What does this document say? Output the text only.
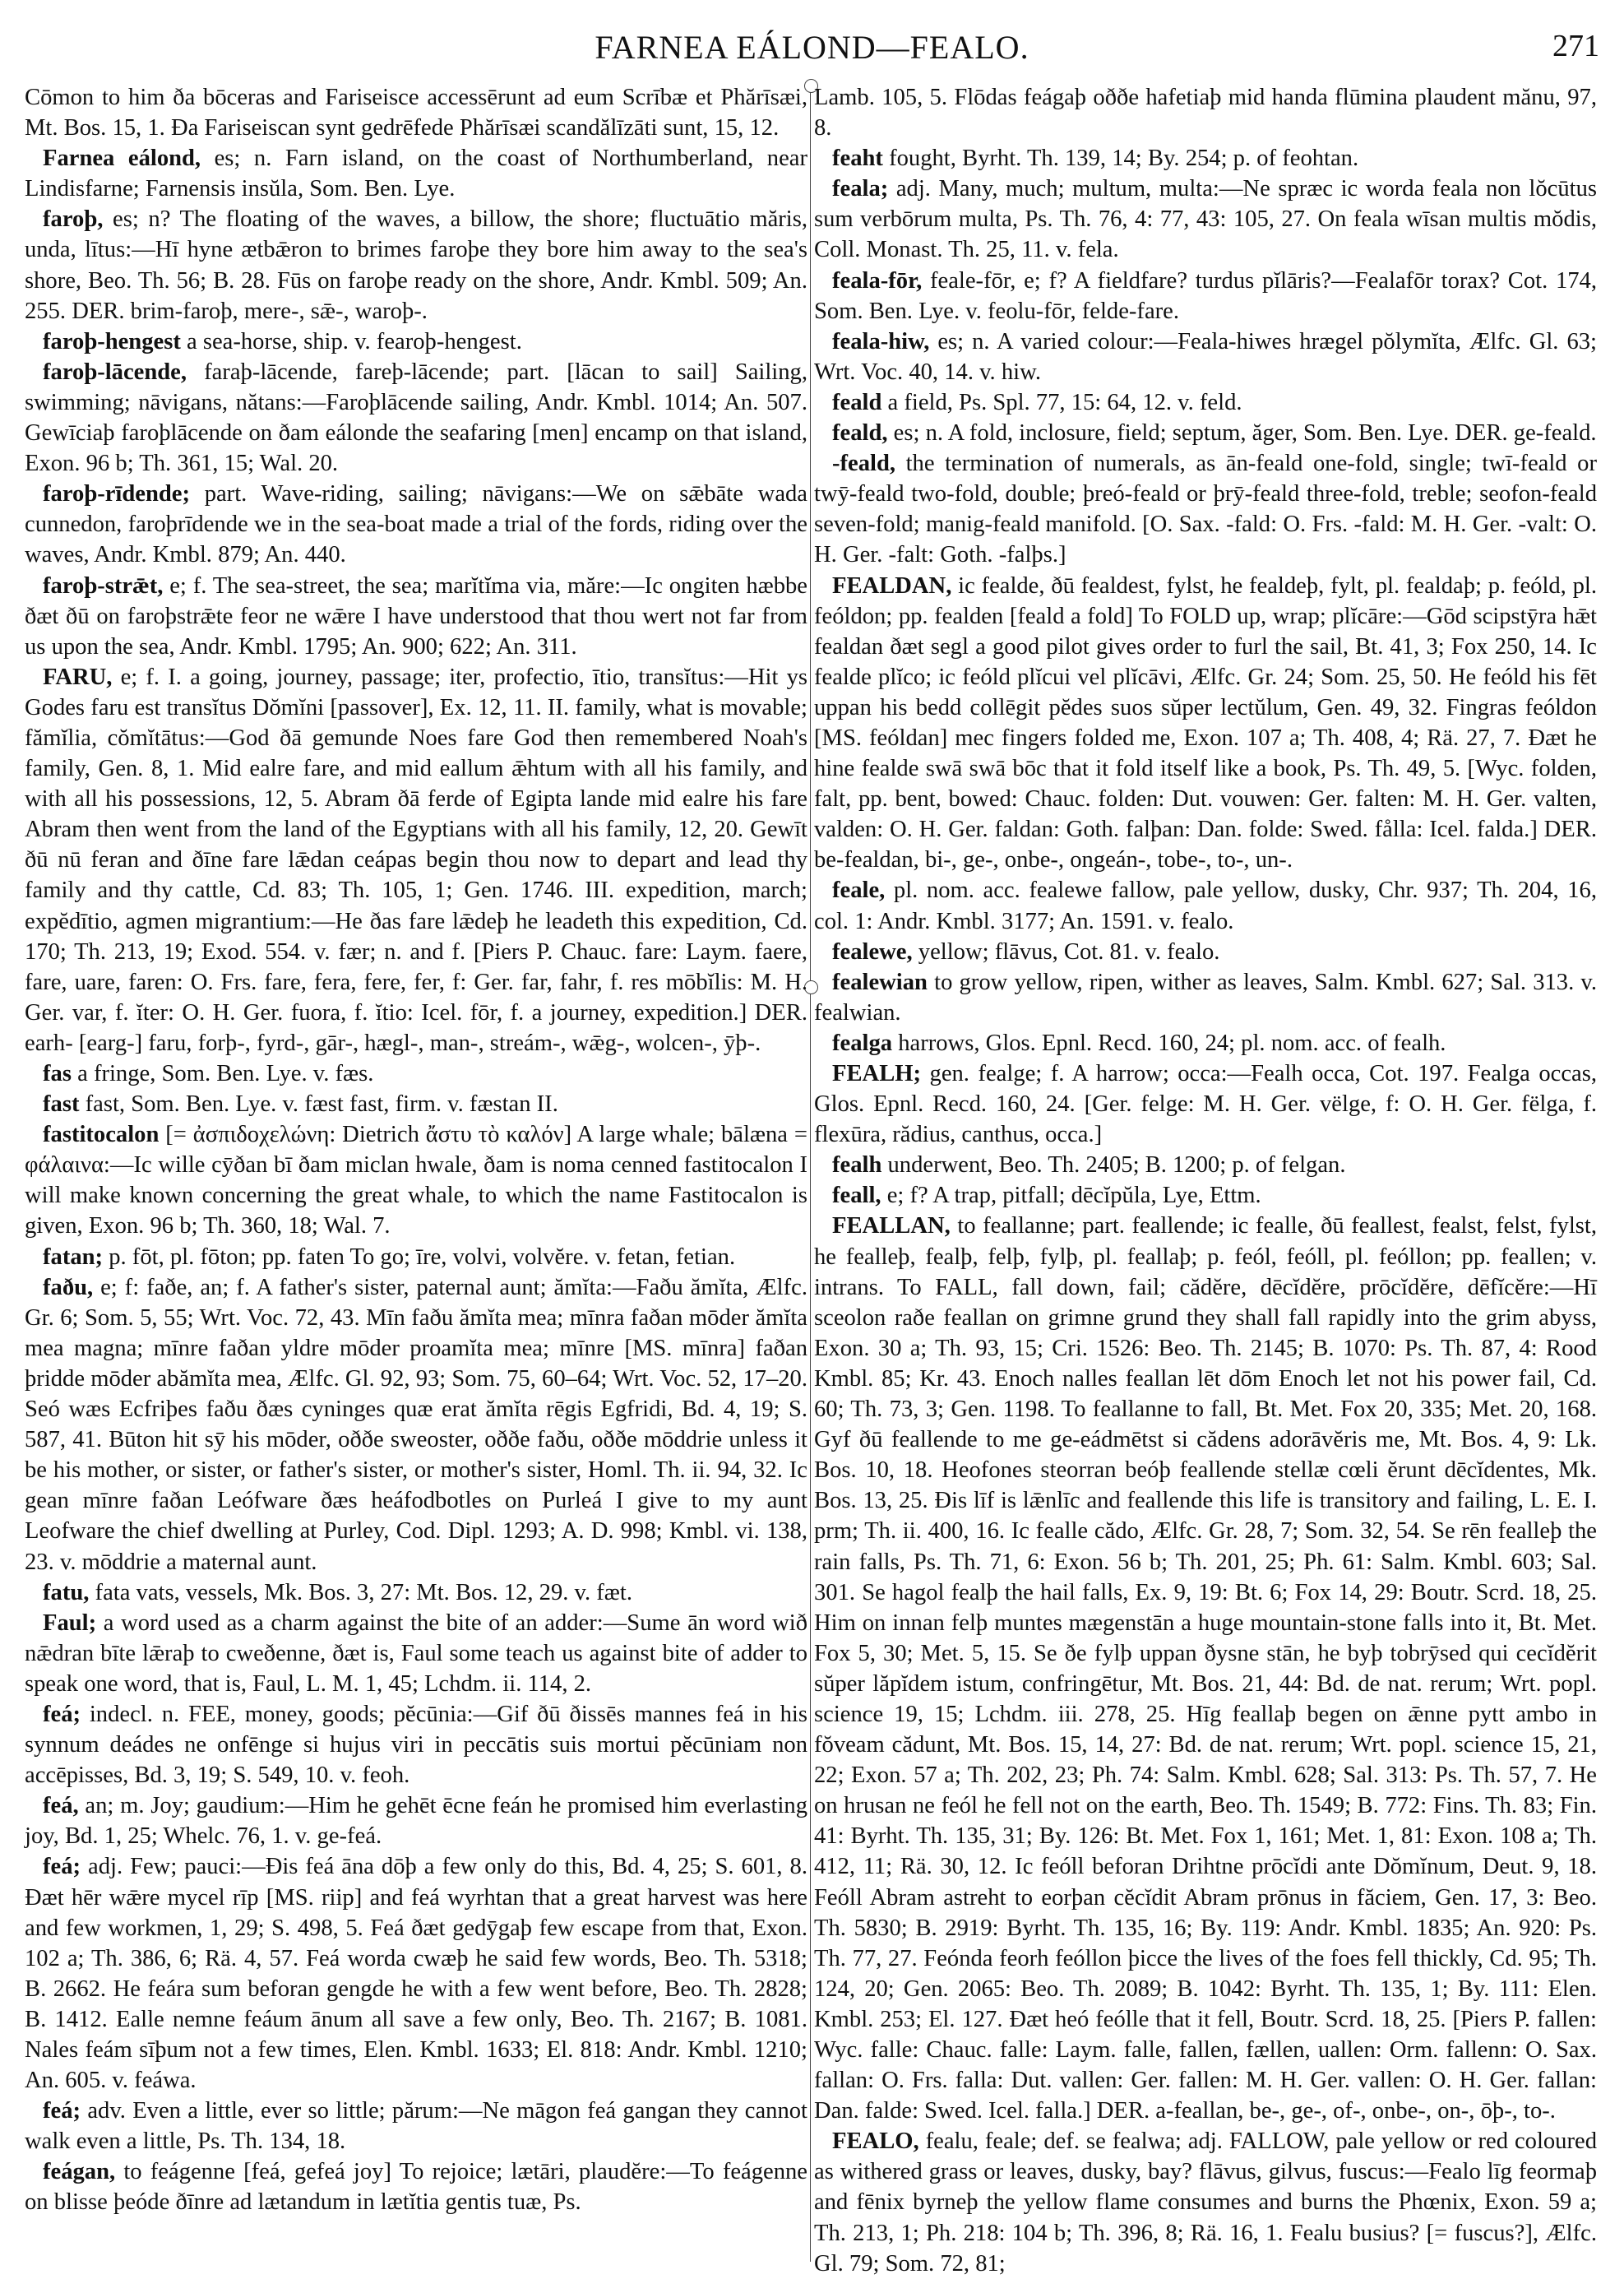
FARNEA EÁLOND—FEALO.	271

Cōmon to him ða bōceras and Fariseisce accessērunt ad eum Scrībæ et Phărīsæi, Mt. Bos. 15, 1. Ða Fariseiscan synt gedrēfede Phărīsæi scandălīzāti sunt, 15, 12.

Farnea eálond, es; n. Farn island, on the coast of Northumberland, near Lindisfarne; Farnensis insŭla, Som. Ben. Lye.

faroþ, es; n? The floating of the waves, a billow, the shore; fluctuātio măris, unda, lītus:—Hī hyne ætbǣron to brimes faroþe they bore him away to the sea's shore, Beo. Th. 56; B. 28. Fūs on faroþe ready on the shore, Andr. Kmbl. 509; An. 255. DER. brim-faroþ, mere-, sǣ-, waroþ-.

faroþ-hengest a sea-horse, ship. v. fearoþ-hengest.

faroþ-lācende, faraþ-lācende, fareþ-lācende; part. [lācan to sail] Sailing, swimming; nāvigans, nătans:—Faroþlācende sailing, Andr. Kmbl. 1014; An. 507. Gewīciaþ faroþlācende on ðam eálonde the seafaring [men] encamp on that island, Exon. 96 b; Th. 361, 15; Wal. 20.

faroþ-rīdende; part. Wave-riding, sailing; nāvigans:—We on sǣbāte wada cunnedon, faroþrīdende we in the sea-boat made a trial of the fords, riding over the waves, Andr. Kmbl. 879; An. 440.

faroþ-strǣt, e; f. The sea-street, the sea; marĭtĭma via, măre:—Ic ongiten hæbbe ðæt ðū on faroþstrǣte feor ne wǣre I have understood that thou wert not far from us upon the sea, Andr. Kmbl. 1795; An. 900; 622; An. 311.

FARU, e; f. I. a going, journey, passage; iter, profectio, ītio, transĭtus:—Hit ys Godes faru est transĭtus Dŏmĭni [passover], Ex. 12, 11. II. family, what is movable; fămĭlia, cŏmĭtātus:—God ðā gemunde Noes fare God then remembered Noah's family, Gen. 8, 1. Mid ealre fare, and mid eallum ǣhtum with all his family, and with all his possessions, 12, 5. Abram ðā ferde of Egipta lande mid ealre his fare Abram then went from the land of the Egyptians with all his family, 12, 20. Gewīt ðū nū feran and ðīne fare lǣdan ceápas begin thou now to depart and lead thy family and thy cattle, Cd. 83; Th. 105, 1; Gen. 1746. III. expedition, march; expĕdītio, agmen migrantium:—He ðas fare lǣdeþ he leadeth this expedition, Cd. 170; Th. 213, 19; Exod. 554. v. fær; n. and f. [Piers P. Chauc. fare: Laym. faere, fare, uare, faren: O. Frs. fare, fera, fere, fer, f: Ger. far, fahr, f. res mōbĭlis: M. H. Ger. var, f. ĭter: O. H. Ger. fuora, f. ĭtio: Icel. fōr, f. a journey, expedition.] DER. earh- [earg-] faru, forþ-, fyrd-, gār-, hægl-, man-, streám-, wǣg-, wolcen-, ȳþ-.

fas a fringe, Som. Ben. Lye. v. fæs.

fast fast, Som. Ben. Lye. v. fæst fast, firm. v. fæstan II.

fastitocalon [= ἀσπιδοχελώνη: Dietrich ἄστυ τὸ καλόν] A large whale; bālæna = φάλαινα:—Ic wille cȳðan bī ðam miclan hwale, ðam is noma cenned fastitocalon I will make known concerning the great whale, to which the name Fastitocalon is given, Exon. 96 b; Th. 360, 18; Wal. 7.

fatan; p. fōt, pl. fōton; pp. faten To go; īre, volvi, volvĕre. v. fetan, fetian.

faðu, e; f: faðe, an; f. A father's sister, paternal aunt; ămĭta:—Faðu ămĭta, Ælfc. Gr. 6; Som. 5, 55; Wrt. Voc. 72, 43. Mīn faðu ămĭta mea; mīnra faðan mōder ămĭta mea magna; mīnre faðan yldre mōder proamĭta mea; mīnre [MS. mīnra] faðan þridde mōder abămĭta mea, Ælfc. Gl. 92, 93; Som. 75, 60–64; Wrt. Voc. 52, 17–20. Seó wæs Ecfriþes faðu ðæs cyninges quæ erat ămĭta rēgis Egfridi, Bd. 4, 19; S. 587, 41. Būton hit sȳ his mōder, oððe sweoster, oððe faðu, oððe mōddrie unless it be his mother, or sister, or father's sister, or mother's sister, Homl. Th. ii. 94, 32. Ic gean mīnre faðan Leófware ðæs heáfodbotles on Purleá I give to my aunt Leofware the chief dwelling at Purley, Cod. Dipl. 1293; A. D. 998; Kmbl. vi. 138, 23. v. mōddrie a maternal aunt.

fatu, fata vats, vessels, Mk. Bos. 3, 27: Mt. Bos. 12, 29. v. fæt.

Faul; a word used as a charm against the bite of an adder:—Sume ān word wið nǣdran bīte lǣraþ to cweðenne, ðæt is, Faul some teach us against bite of adder to speak one word, that is, Faul, L. M. 1, 45; Lchdm. ii. 114, 2.

feá; indecl. n. FEE, money, goods; pĕcūnia:—Gif ðū ðissēs mannes feá in his synnum deádes ne onfēnge si hujus viri in peccātis suis mortui pĕcūniam non accēpisses, Bd. 3, 19; S. 549, 10. v. feoh.

feá, an; m. Joy; gaudium:—Him he gehēt ēcne feán he promised him everlasting joy, Bd. 1, 25; Whelc. 76, 1. v. ge-feá.

feá; adj. Few; pauci:—Ðis feá āna dōþ a few only do this, Bd. 4, 25; S. 601, 8. Ðæt hēr wǣre mycel rīp [MS. riip] and feá wyrhtan that a great harvest was here and few workmen, 1, 29; S. 498, 5. Feá ðæt gedȳgaþ few escape from that, Exon. 102 a; Th. 386, 6; Rä. 4, 57. Feá worda cwæþ he said few words, Beo. Th. 5318; B. 2662. He feára sum beforan gengde he with a few went before, Beo. Th. 2828; B. 1412. Ealle nemne feáum ānum all save a few only, Beo. Th. 2167; B. 1081. Nales feám sīþum not a few times, Elen. Kmbl. 1633; El. 818: Andr. Kmbl. 1210; An. 605. v. feáwa.

feá; adv. Even a little, ever so little; părum:—Ne māgon feá gangan they cannot walk even a little, Ps. Th. 134, 18.

feágan, to feágenne [feá, gefeá joy] To rejoice; lætāri, plaudĕre:—To feágenne on blisse þeóde ðīnre ad lætandum in lætĭtia gentis tuæ, Ps.

Lamb. 105, 5. Flōdas feágaþ oððe hafetiaþ mid handa flūmina plaudent mănu, 97, 8.

feaht fought, Byrht. Th. 139, 14; By. 254; p. of feohtan.

feala; adj. Many, much; multum, multa:—Ne spræc ic worda feala non lŏcūtus sum verbōrum multa, Ps. Th. 76, 4: 77, 43: 105, 27. On feala wīsan multis mŏdis, Coll. Monast. Th. 25, 11. v. fela.

feala-fōr, feale-fōr, e; f? A fieldfare? turdus pĭlāris?—Fealafōr torax? Cot. 174, Som. Ben. Lye. v. feolu-fōr, felde-fare.

feala-hiw, es; n. A varied colour:—Feala-hiwes hrægel pŏlymĭta, Ælfc. Gl. 63; Wrt. Voc. 40, 14. v. hiw.

feald a field, Ps. Spl. 77, 15: 64, 12. v. feld.

feald, es; n. A fold, inclosure, field; septum, ăger, Som. Ben. Lye. DER. ge-feald.

-feald, the termination of numerals, as ān-feald one-fold, single; twī-feald or twȳ-feald two-fold, double; þreó-feald or þrȳ-feald three-fold, treble; seofon-feald seven-fold; manig-feald manifold. [O. Sax. -fald: O. Frs. -fald: M. H. Ger. -valt: O. H. Ger. -falt: Goth. -falþs.]

FEALDAN, ic fealde, ðū fealdest, fylst, he fealdeþ, fylt, pl. fealdaþ; p. feóld, pl. feóldon; pp. fealden [feald a fold] To FOLD up, wrap; plĭcāre:—Gōd scipstȳra hǣt fealdan ðæt segl a good pilot gives order to furl the sail, Bt. 41, 3; Fox 250, 14. Ic fealde plĭco; ic feóld plĭcui vel plĭcāvi, Ælfc. Gr. 24; Som. 25, 50. He feóld his fēt uppan his bedd collēgit pĕdes suos sŭper lectŭlum, Gen. 49, 32. Fingras feóldon [MS. feóldan] mec fingers folded me, Exon. 107 a; Th. 408, 4; Rä. 27, 7. Ðæt he hine fealde swā swā bōc that it fold itself like a book, Ps. Th. 49, 5. [Wyc. folden, falt, pp. bent, bowed: Chauc. folden: Dut. vouwen: Ger. falten: M. H. Ger. valten, valden: O. H. Ger. faldan: Goth. falþan: Dan. folde: Swed. fålla: Icel. falda.] DER. be-fealdan, bi-, ge-, onbe-, ongeán-, tobe-, to-, un-.

feale, pl. nom. acc. fealewe fallow, pale yellow, dusky, Chr. 937; Th. 204, 16, col. 1: Andr. Kmbl. 3177; An. 1591. v. fealo.

fealewe, yellow; flāvus, Cot. 81. v. fealo.

fealewian to grow yellow, ripen, wither as leaves, Salm. Kmbl. 627; Sal. 313. v. fealwian.

fealga harrows, Glos. Epnl. Recd. 160, 24; pl. nom. acc. of fealh.

FEALH; gen. fealge; f. A harrow; occa:—Fealh occa, Cot. 197. Fealga occas, Glos. Epnl. Recd. 160, 24. [Ger. felge: M. H. Ger. vëlge, f: O. H. Ger. fëlga, f. flexūra, rădius, canthus, occa.]

fealh underwent, Beo. Th. 2405; B. 1200; p. of felgan.

feall, e; f? A trap, pitfall; dēcĭpŭla, Lye, Ettm.

FEALLAN, to feallanne; part. feallende; ic fealle, ðū feallest, fealst, felst, fylst, he fealleþ, fealþ, felþ, fylþ, pl. feallaþ; p. feól, feóll, pl. feóllon; pp. feallen; v. intrans. To FALL, fall down, fail; cădĕre, dēcĭdĕre, prōcĭdĕre, dēfĭcĕre:—Hī sceolon raðe feallan on grimne grund they shall fall rapidly into the grim abyss, Exon. 30 a; Th. 93, 15; Cri. 1526: Beo. Th. 2145; B. 1070: Ps. Th. 87, 4: Rood Kmbl. 85; Kr. 43. Enoch nalles feallan lēt dōm Enoch let not his power fail, Cd. 60; Th. 73, 3; Gen. 1198. To feallanne to fall, Bt. Met. Fox 20, 335; Met. 20, 168. Gyf ðū feallende to me ge-eádmētst si cădens adorāvĕris me, Mt. Bos. 4, 9: Lk. Bos. 10, 18. Heofones steorran beóþ feallende stellæ cœli ĕrunt dēcĭdentes, Mk. Bos. 13, 25. Ðis līf is lǣnlīc and feallende this life is transitory and failing, L. E. I. prm; Th. ii. 400, 16. Ic fealle cădo, Ælfc. Gr. 28, 7; Som. 32, 54. Se rēn fealleþ the rain falls, Ps. Th. 71, 6: Exon. 56 b; Th. 201, 25; Ph. 61: Salm. Kmbl. 603; Sal. 301. Se hagol fealþ the hail falls, Ex. 9, 19: Bt. 6; Fox 14, 29: Boutr. Scrd. 18, 25. Him on innan felþ muntes mægenstān a huge mountain-stone falls into it, Bt. Met. Fox 5, 30; Met. 5, 15. Se ðe fylþ uppan ðysne stān, he byþ tobrȳsed qui cecĭdĕrit sŭper lăpĭdem istum, confringētur, Mt. Bos. 21, 44: Bd. de nat. rerum; Wrt. popl. science 19, 15; Lchdm. iii. 278, 25. Hīg feallaþ begen on ǣnne pytt ambo in fŏveam cădunt, Mt. Bos. 15, 14, 27: Bd. de nat. rerum; Wrt. popl. science 15, 21, 22; Exon. 57 a; Th. 202, 23; Ph. 74: Salm. Kmbl. 628; Sal. 313: Ps. Th. 57, 7. He on hrusan ne feól he fell not on the earth, Beo. Th. 1549; B. 772: Fins. Th. 83; Fin. 41: Byrht. Th. 135, 31; By. 126: Bt. Met. Fox 1, 161; Met. 1, 81: Exon. 108 a; Th. 412, 11; Rä. 30, 12. Ic feóll beforan Drihtne prōcĭdi ante Dŏmĭnum, Deut. 9, 18. Feóll Abram astreht to eorþan cĕcĭdit Abram prōnus in făciem, Gen. 17, 3: Beo. Th. 5830; B. 2919: Byrht. Th. 135, 16; By. 119: Andr. Kmbl. 1835; An. 920: Ps. Th. 77, 27. Feónda feorh feóllon þicce the lives of the foes fell thickly, Cd. 95; Th. 124, 20; Gen. 2065: Beo. Th. 2089; B. 1042: Byrht. Th. 135, 1; By. 111: Elen. Kmbl. 253; El. 127. Ðæt heó feólle that it fell, Boutr. Scrd. 18, 25. [Piers P. fallen: Wyc. falle: Chauc. falle: Laym. falle, fallen, fællen, uallen: Orm. fallenn: O. Sax. fallan: O. Frs. falla: Dut. vallen: Ger. fallen: M. H. Ger. vallen: O. H. Ger. fallan: Dan. falde: Swed. Icel. falla.] DER. a-feallan, be-, ge-, of-, onbe-, on-, ōþ-, to-.

FEALO, fealu, feale; def. se fealwa; adj. FALLOW, pale yellow or red coloured as withered grass or leaves, dusky, bay? flāvus, gilvus, fuscus:—Fealo līg feormaþ and fēnix byrneþ the yellow flame consumes and burns the Phœnix, Exon. 59 a; Th. 213, 1; Ph. 218: 104 b; Th. 396, 8; Rä. 16, 1. Fealu busius? [= fuscus?], Ælfc. Gl. 79; Som. 72, 81;
